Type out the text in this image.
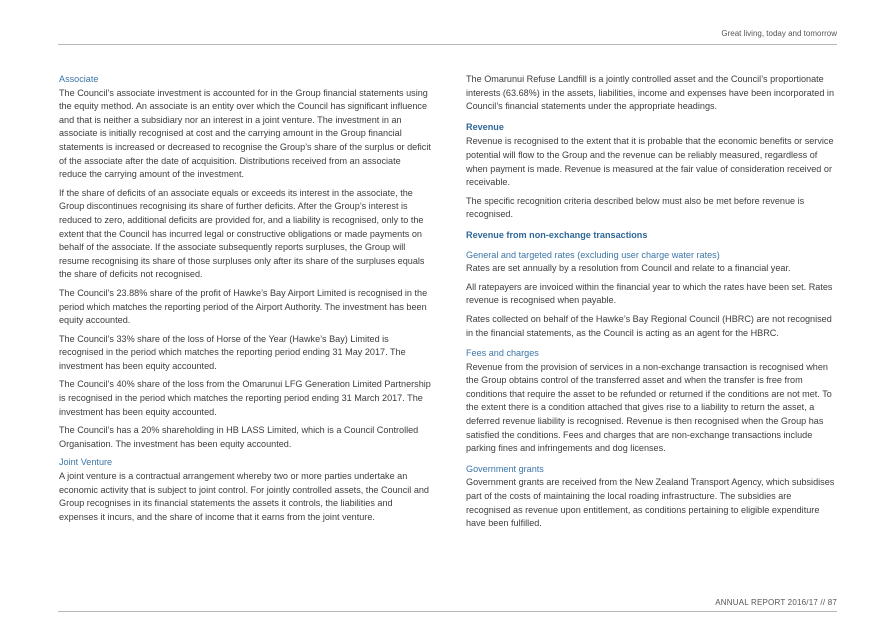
Great living, today and tomorrow
Associate

The Council’s associate investment is accounted for in the Group financial statements using the equity method. An associate is an entity over which the Council has significant influence and that is neither a subsidiary nor an interest in a joint venture. The investment in an associate is initially recognised at cost and the carrying amount in the Group financial statements is increased or decreased to recognise the Group’s share of the surplus or deficit of the associate after the date of acquisition. Distributions received from an associate reduce the carrying amount of the investment.

If the share of deficits of an associate equals or exceeds its interest in the associate, the Group discontinues recognising its share of further deficits. After the Group’s interest is reduced to zero, additional deficits are provided for, and a liability is recognised, only to the extent that the Council has incurred legal or constructive obligations or made payments on behalf of the associate. If the associate subsequently reports surpluses, the Group will resume recognising its share of those surpluses only after its share of the surpluses equals the share of deficits not recognised.

The Council’s 23.88% share of the profit of Hawke’s Bay Airport Limited is recognised in the period which matches the reporting period of the Airport Authority. The investment has been equity accounted.

The Council’s 33% share of the loss of Horse of the Year (Hawke’s Bay) Limited is recognised in the period which matches the reporting period ending 31 May 2017. The investment has been equity accounted.

The Council’s 40% share of the loss from the Omarunui LFG Generation Limited Partnership is recognised in the period which matches the reporting period ending 31 March 2017. The investment has been equity accounted.

The Council’s has a 20% shareholding in HB LASS Limited, which is a Council Controlled Organisation. The investment has been equity accounted.

Joint Venture

A joint venture is a contractual arrangement whereby two or more parties undertake an economic activity that is subject to joint control. For jointly controlled assets, the Council and Group recognises in its financial statements the assets it controls, the liabilities and expenses it incurs, and the share of income that it earns from the joint venture.

The Omarunui Refuse Landfill is a jointly controlled asset and the Council’s proportionate interests (63.68%) in the assets, liabilities, income and expenses have been incorporated in Council’s financial statements under the appropriate headings.

Revenue

Revenue is recognised to the extent that it is probable that the economic benefits or service potential will flow to the Group and the revenue can be reliably measured, regardless of when payment is made. Revenue is measured at the fair value of consideration received or receivable.

The specific recognition criteria described below must also be met before revenue is recognised.

Revenue from non-exchange transactions
General and targeted rates (excluding user charge water rates)

Rates are set annually by a resolution from Council and relate to a financial year.

All ratepayers are invoiced within the financial year to which the rates have been set. Rates revenue is recognised when payable.

Rates collected on behalf of the Hawke’s Bay Regional Council (HBRC) are not recognised in the financial statements, as the Council is acting as an agent for the HBRC.

Fees and charges

Revenue from the provision of services in a non-exchange transaction is recognised when the Group obtains control of the transferred asset and when the transfer is free from conditions that require the asset to be refunded or returned if the conditions are not met. To the extent there is a condition attached that gives rise to a liability to return the asset, a deferred revenue liability is recognised. Revenue is then recognised when the Group has satisfied the conditions. Fees and charges that are non-exchange transactions include parking fines and infringements and dog licenses.

Government grants

Government grants are received from the New Zealand Transport Agency, which subsidises part of the costs of maintaining the local roading infrastructure. The subsidies are recognised as revenue upon entitlement, as conditions pertaining to eligible expenditure have been fulfilled.

ANNUAL REPORT 2016/17 // 87
